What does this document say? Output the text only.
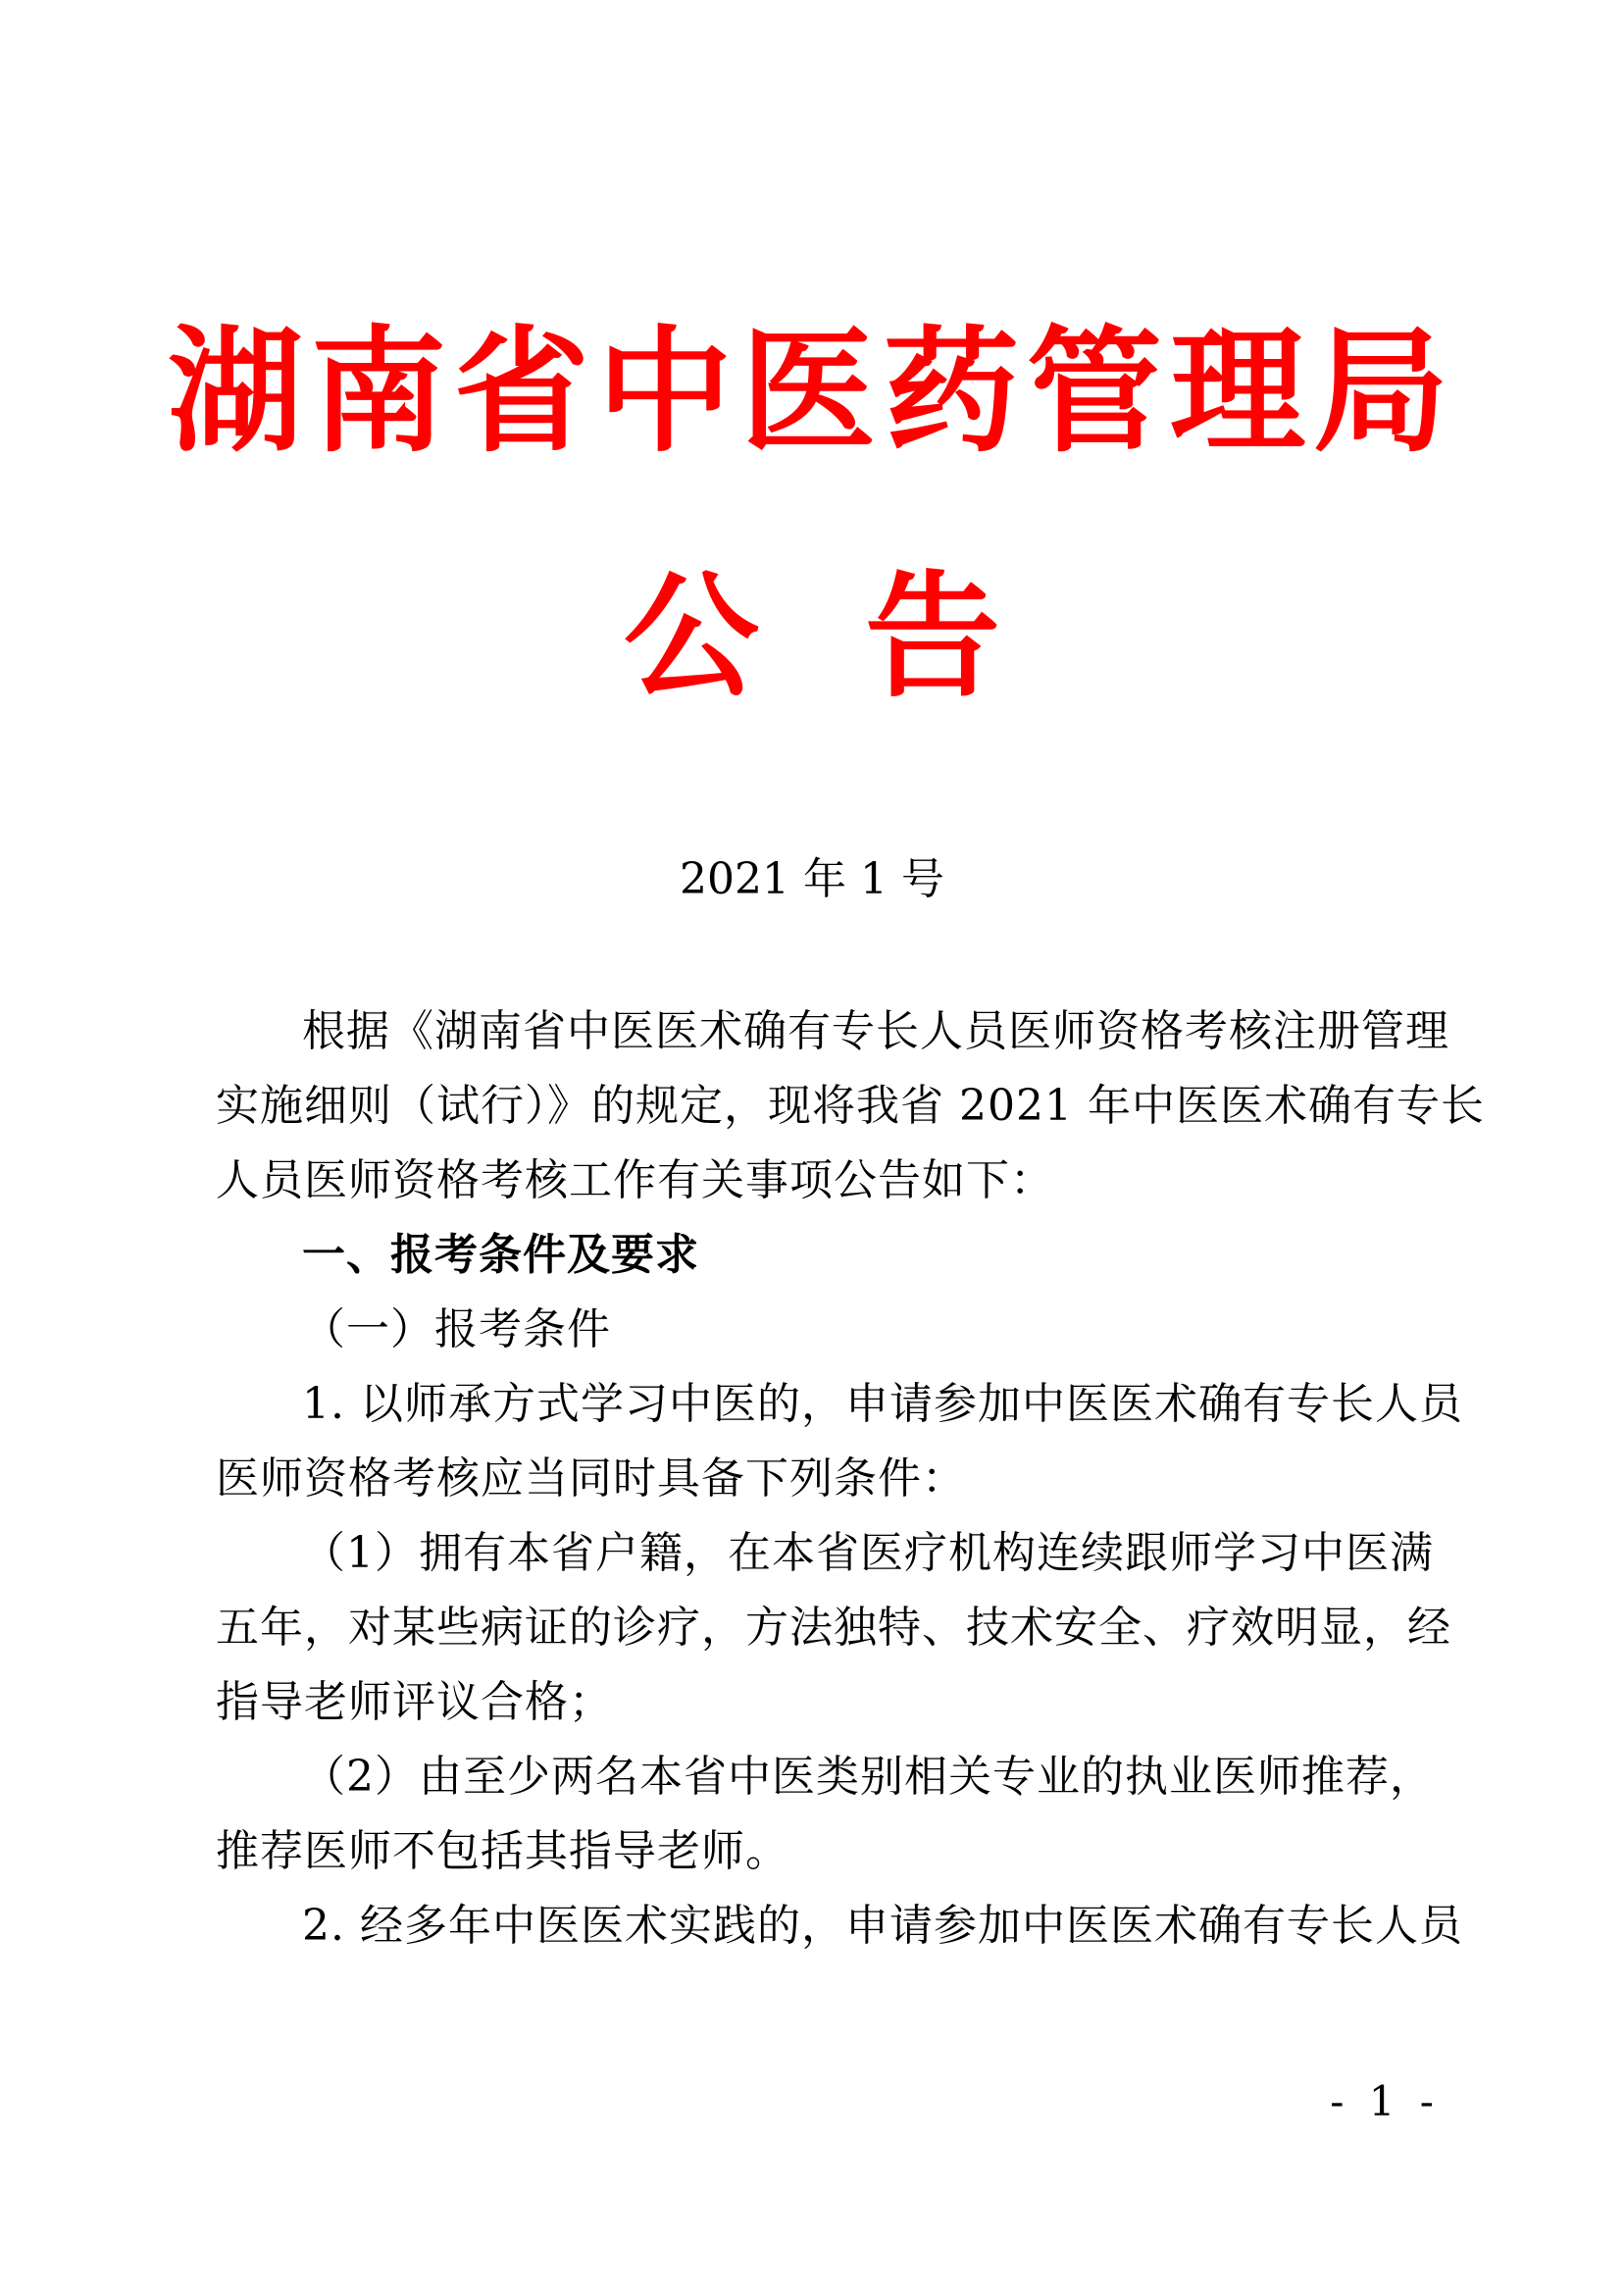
湖南省中医药管理局
公 告
2021 年 1 号
根据《湖南省中医医术确有专长人员医师资格考核注册管理
实施细则（试行）》的规定，现将我省 2021 年中医医术确有专长
人员医师资格考核工作有关事项公告如下：
一、报考条件及要求
（一）报考条件
1. 以师承方式学习中医的，申请参加中医医术确有专长人员
医师资格考核应当同时具备下列条件：
（1）拥有本省户籍，在本省医疗机构连续跟师学习中医满
五年，对某些病证的诊疗，方法独特、技术安全、疗效明显，经
指导老师评议合格；
（2）由至少两名本省中医类别相关专业的执业医师推荐，
推荐医师不包括其指导老师。
2. 经多年中医医术实践的，申请参加中医医术确有专长人员
- 1 -
